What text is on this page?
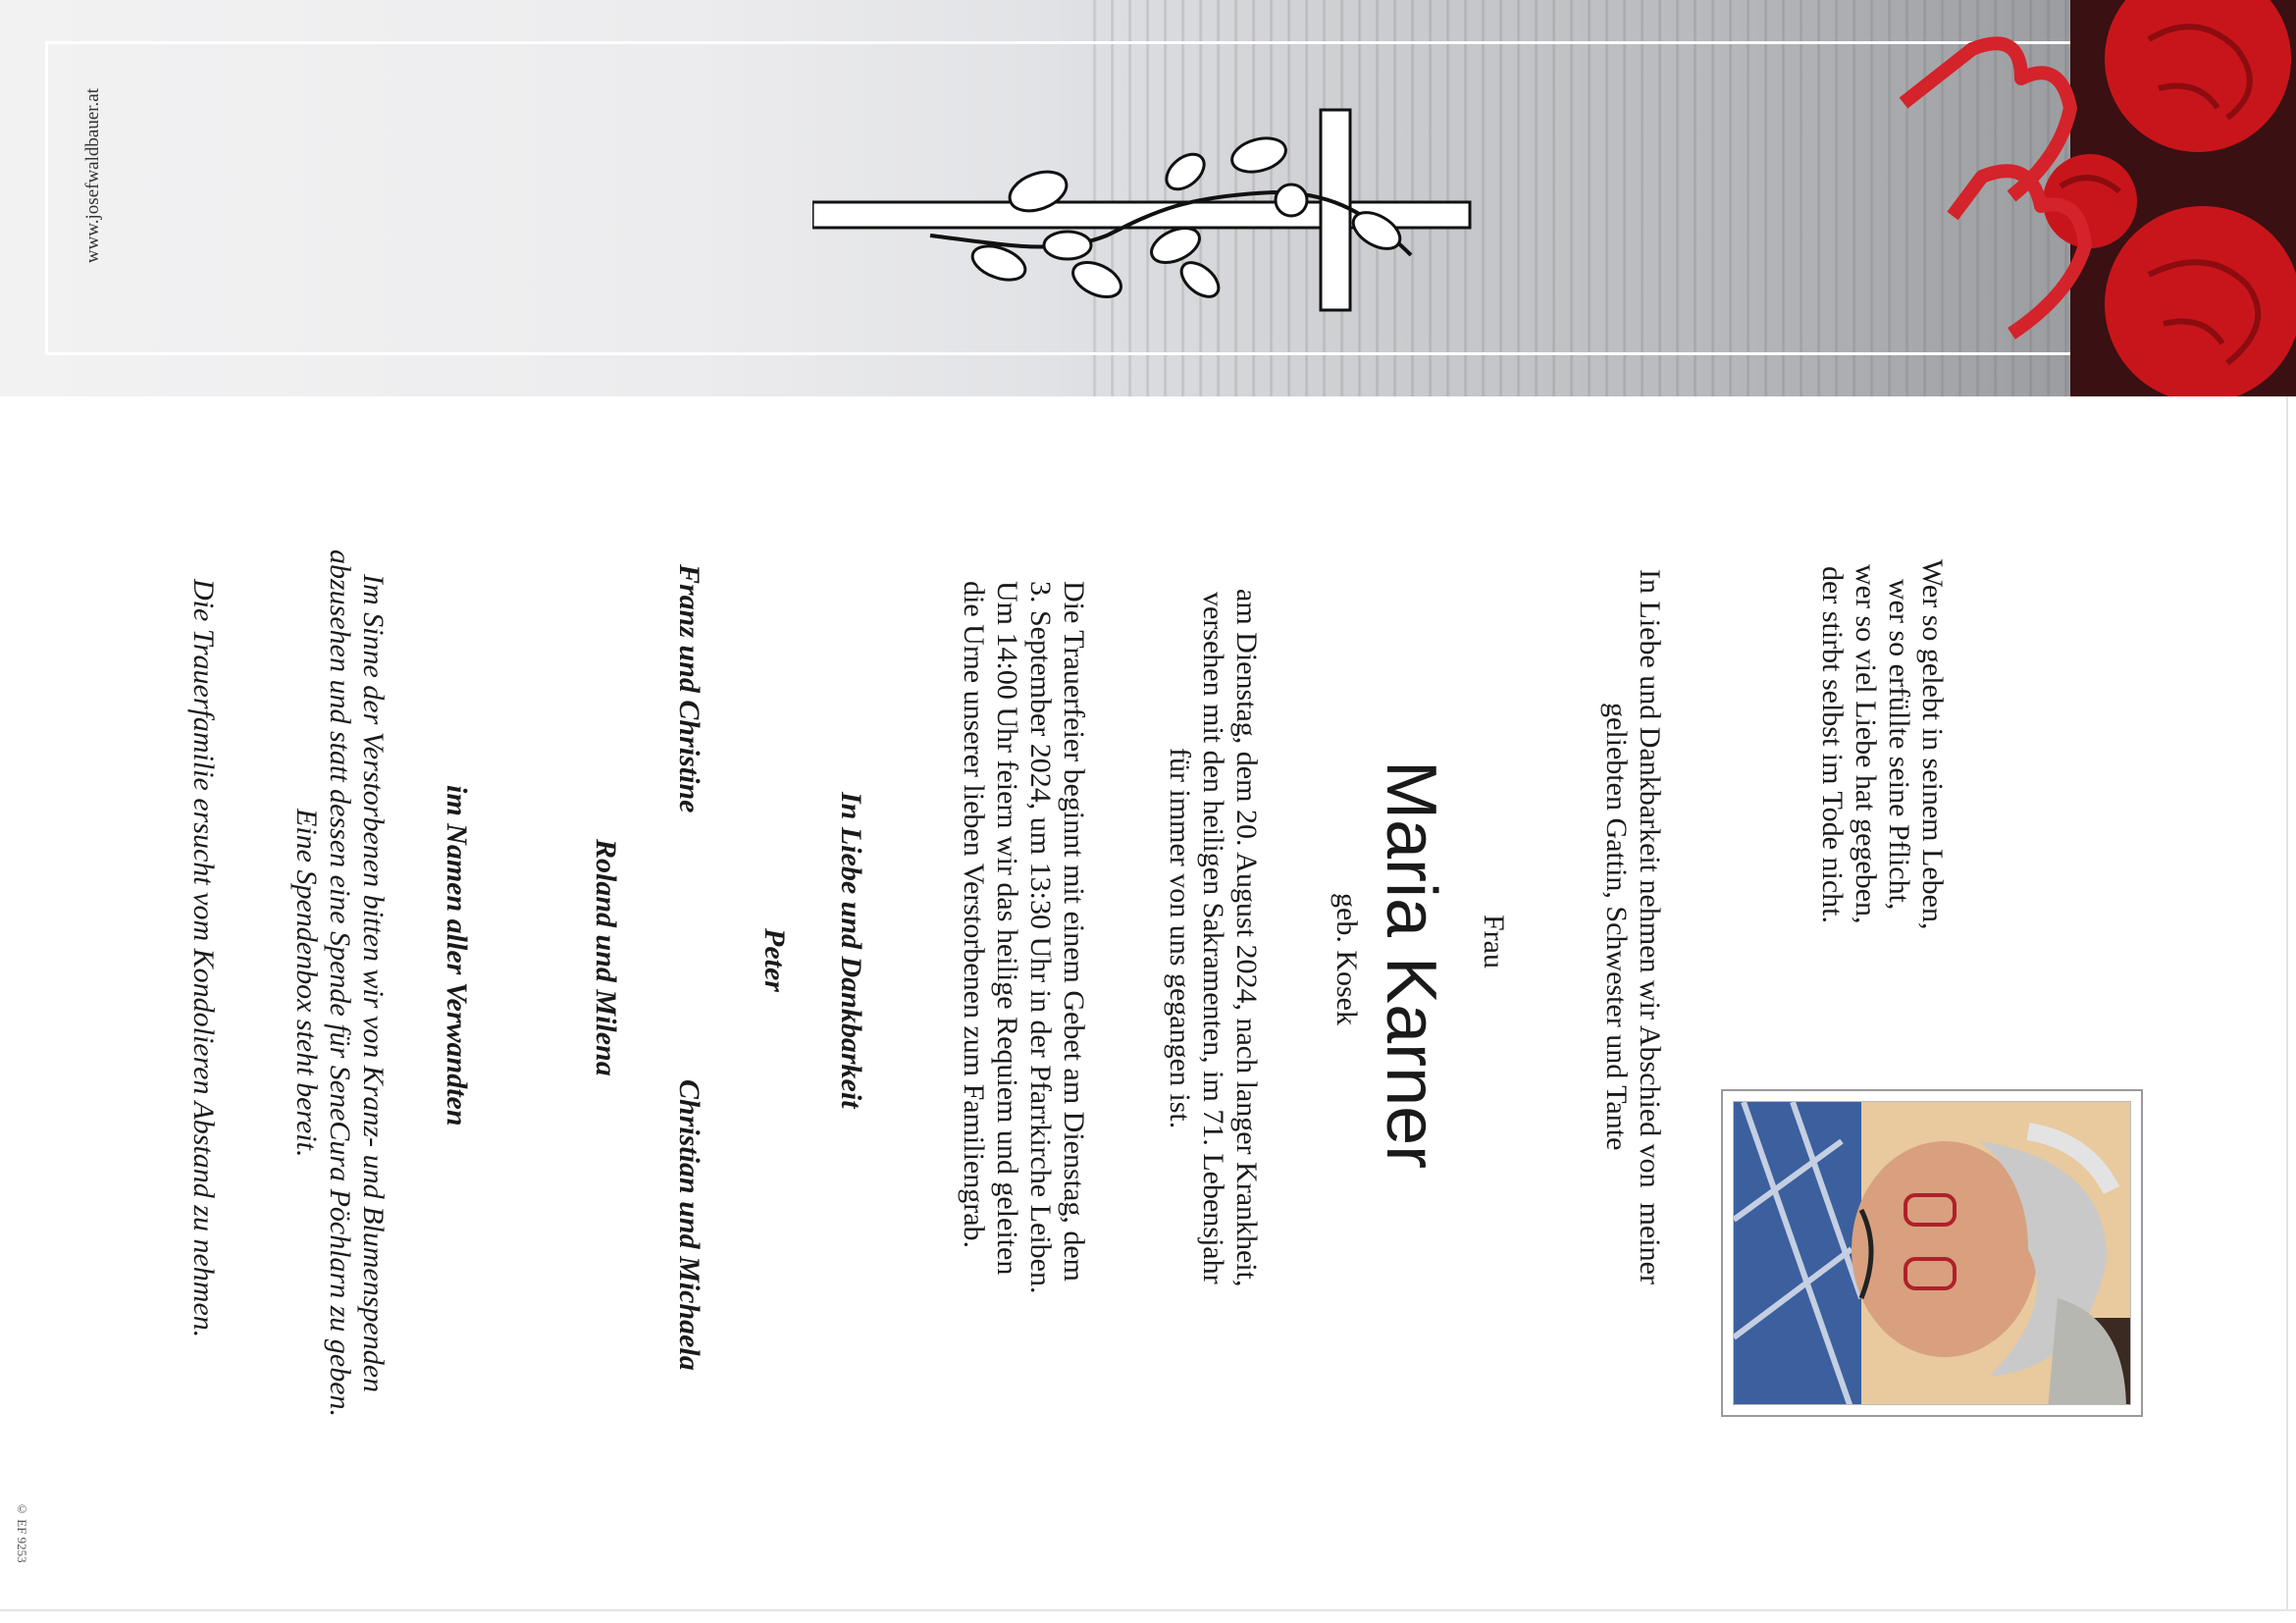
www.josefwaldbauer.at
Wer so gelebt in seinem Leben,
wer so erfüllte seine Pflicht,
wer so viel Liebe hat gegeben,
der stirbt selbst im Tode nicht.
In Liebe und Dankbarkeit nehmen wir Abschied von  meiner
geliebten Gattin, Schwester und Tante
Frau
Maria Karner
geb. Kosek
am Dienstag, dem 20. August 2024, nach langer Krankheit,
versehen mit den heiligen Sakramenten, im 71. Lebensjahr
für immer von uns gegangen ist.
Die Trauerfeier beginnt mit einem Gebet am Dienstag, dem
3. September 2024, um 13:30 Uhr in der Pfarrkirche Leiben.
Um 14:00 Uhr feiern wir das heilige Requiem und geleiten
die Urne unserer lieben Verstorbenen zum Familiengrab.
In Liebe und Dankbarkeit
Peter
Franz und Christine
Christian und Michaela
Roland und Milena
im Namen aller Verwandten
Im Sinne der Verstorbenen bitten wir von Kranz- und Blumenspenden
abzusehen und statt dessen eine Spende für SeneCura Pöchlarn zu geben.
Eine Spendenbox steht bereit.
Die Trauerfamilie ersucht vom Kondolieren Abstand zu nehmen.
© EF 9253
